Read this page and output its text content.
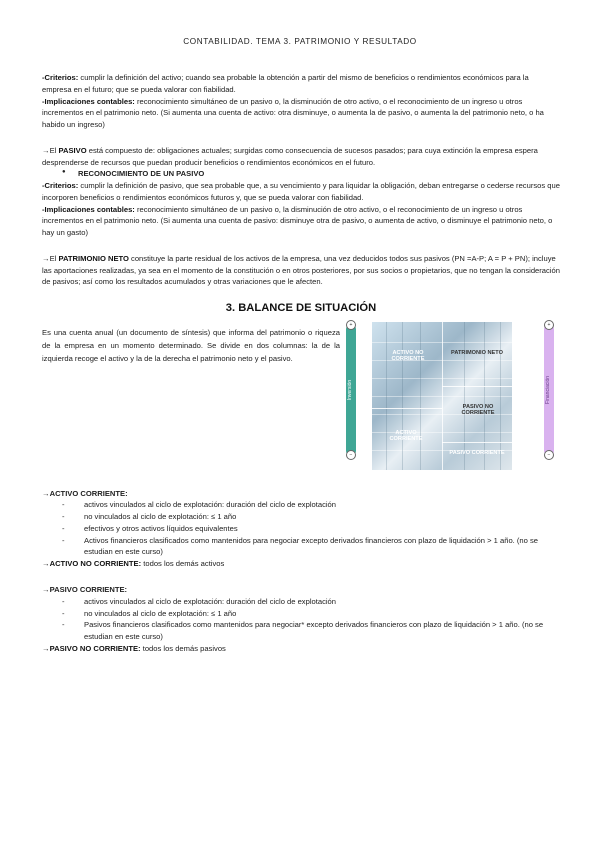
CONTABILIDAD. TEMA 3. PATRIMONIO Y RESULTADO

-Criterios: cumplir la definición del activo; cuando sea probable la obtención a partir del mismo de beneficios o rendimientos económicos para la empresa en el futuro; que se pueda valorar con fiabilidad.

-Implicaciones contables: reconocimiento simultáneo de un pasivo o, la disminución de otro activo, o el reconocimiento de un ingreso u otros incrementos en el patrimonio neto. (Si aumenta una cuenta de activo: otra disminuye, o aumenta la de pasivo, o aumenta la del patrimonio neto, o ha habido un ingreso)

→El PASIVO está compuesto de: obligaciones actuales; surgidas como consecuencia de sucesos pasados; para cuya extinción la empresa espera desprenderse de recursos que puedan producir beneficios o rendimientos económicos en el futuro.

● RECONOCIMIENTO DE UN PASIVO

-Criterios: cumplir la definición de pasivo, que sea probable que, a su vencimiento y para liquidar la obligación, deban entregarse o cederse recursos que incorporen beneficios o rendimientos económicos futuros y, que se pueda valorar con fiabilidad.

-Implicaciones contables: reconocimiento simultáneo de un pasivo o, la disminución de otro activo, o el reconocimiento de un ingreso u otros incrementos en el patrimonio neto. (Si aumenta una cuenta de pasivo: disminuye otra de pasivo, o aumenta de activo, o disminuye el patrimonio neto, o hay un gasto)

→El PATRIMONIO NETO constituye la parte residual de los activos de la empresa, una vez deducidos todos sus pasivos (PN =A-P; A = P + PN); incluye las aportaciones realizadas, ya sea en el momento de la constitución o en otros posteriores, por sus socios o propietarios, que no tengan la consideración de pasivos; así como los resultados acumulados y otras variaciones que le afecten.

3. BALANCE DE SITUACIÓN

Es una cuenta anual (un documento de síntesis) que informa del patrimonio o riqueza de la empresa en un momento determinado. Se divide en dos columnas: la de la izquierda recoge el activo y la de la derecha el patrimonio neto y el pasivo.

+
Inversión
−
ACTIVO NO CORRIENTE
PATRIMONIO NETO
PASIVO NO CORRIENTE
ACTIVO CORRIENTE
PASIVO CORRIENTE
+
Financiación
−

→ACTIVO CORRIENTE:

- activos vinculados al ciclo de explotación: duración del ciclo de explotación
- no vinculados al ciclo de explotación: ≤ 1 año
- efectivos y otros activos líquidos equivalentes
- Activos financieros clasificados como mantenidos para negociar excepto derivados financieros con plazo de liquidación > 1 año. (no se estudian en este curso)

→ACTIVO NO CORRIENTE: todos los demás activos

→PASIVO CORRIENTE:

- activos vinculados al ciclo de explotación: duración del ciclo de explotación
- no vinculados al ciclo de explotación: ≤ 1 año
- Pasivos financieros clasificados como mantenidos para negociar* excepto derivados financieros con plazo de liquidación > 1 año. (no se estudian en este curso)

→PASIVO NO CORRIENTE: todos los demás pasivos
